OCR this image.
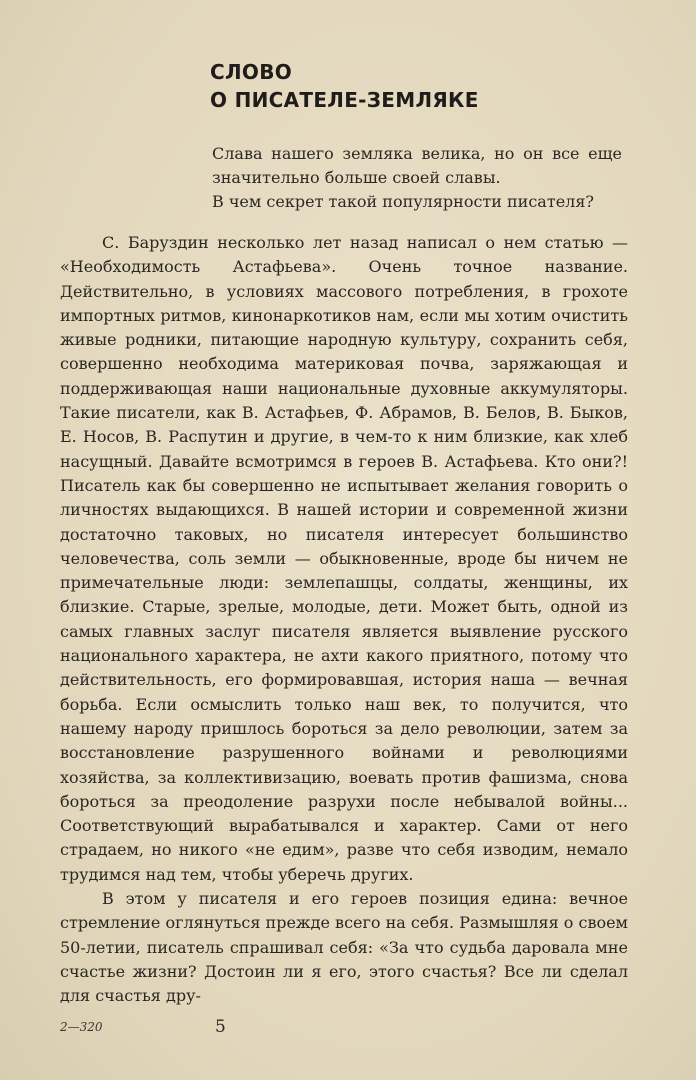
СЛОВО
О ПИСАТЕЛЕ-ЗЕМЛЯКЕ

Слава нашего земляка велика, но он все еще значительно больше своей славы.

В чем секрет такой популярности писателя?

С. Баруздин несколько лет назад написал о нем статью — «Необходимость Астафьева». Очень точное название. Действительно, в условиях массового потребления, в грохоте импортных ритмов, кинонаркотиков нам, если мы хотим очистить живые родники, питающие народную культуру, сохранить себя, совершенно необходима материковая почва, заряжающая и поддерживающая наши национальные духовные аккумуляторы. Такие писатели, как В. Астафьев, Ф. Абрамов, В. Белов, В. Быков, Е. Носов, В. Распутин и другие, в чем-то к ним близкие, как хлеб насущный. Давайте всмотримся в героев В. Астафьева. Кто они?! Писатель как бы совершенно не испытывает желания говорить о личностях выдающихся. В нашей истории и современной жизни достаточно таковых, но писателя интересует большинство человечества, соль земли — обыкновенные, вроде бы ничем не примечательные люди: землепашцы, солдаты, женщины, их близкие. Старые, зрелые, молодые, дети. Может быть, одной из самых главных заслуг писателя является выявление русского национального характера, не ахти какого приятного, потому что действительность, его формировавшая, история наша — вечная борьба. Если осмыслить только наш век, то получится, что нашему народу пришлось бороться за дело революции, затем за восстановление разрушенного войнами и революциями хозяйства, за коллективизацию, воевать против фашизма, снова бороться за преодоление разрухи после небывалой войны... Соответствующий вырабатывался и характер. Сами от него страдаем, но никого «не едим», разве что себя изводим, немало трудимся над тем, чтобы уберечь других.

В этом у писателя и его героев позиция едина: вечное стремление оглянуться прежде всего на себя. Размышляя о своем 50-летии, писатель спрашивал себя: «За что судьба даровала мне счастье жизни? Достоин ли я его, этого счастья? Все ли сделал для счастья дру-

2—320	5
